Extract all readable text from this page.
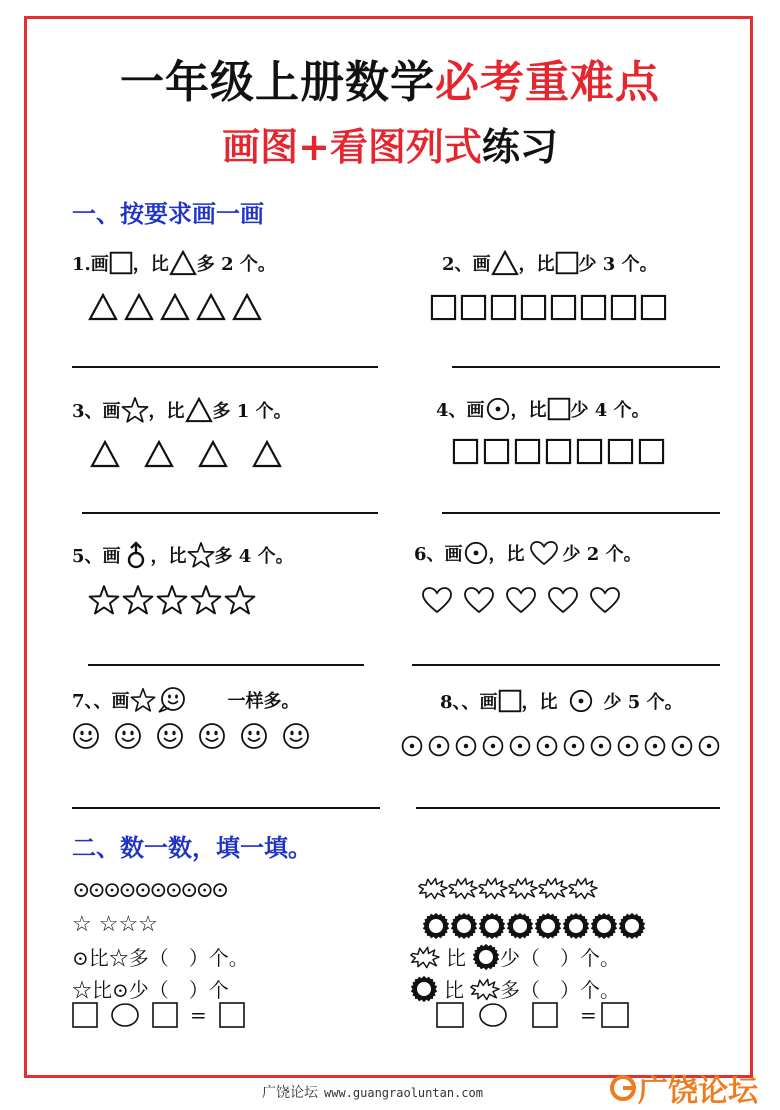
一年级上册数学必考重难点
画图+看图列式练习
一、按要求画一画
1.画 ，比 多 2 个。	2、画 ，比 少 3 个。
3、画 ，比 多 1 个。	4、画 ，比 少 4 个。
5、画 ，比 多 4 个。	6、画 ，比 少 2 个。
7、、画	一样多。	8、、画 ，比	少 5 个。
二、数一数，填一填。
⊙⊙⊙⊙⊙⊙⊙⊙⊙⊙
☆ ☆☆☆
⊙比☆多（　）个。
☆比⊙少（　）个
=
比 少（　）个。
比 多（　）个。
=
广饶论坛 www.guangraoluntan.com	广饶论坛
